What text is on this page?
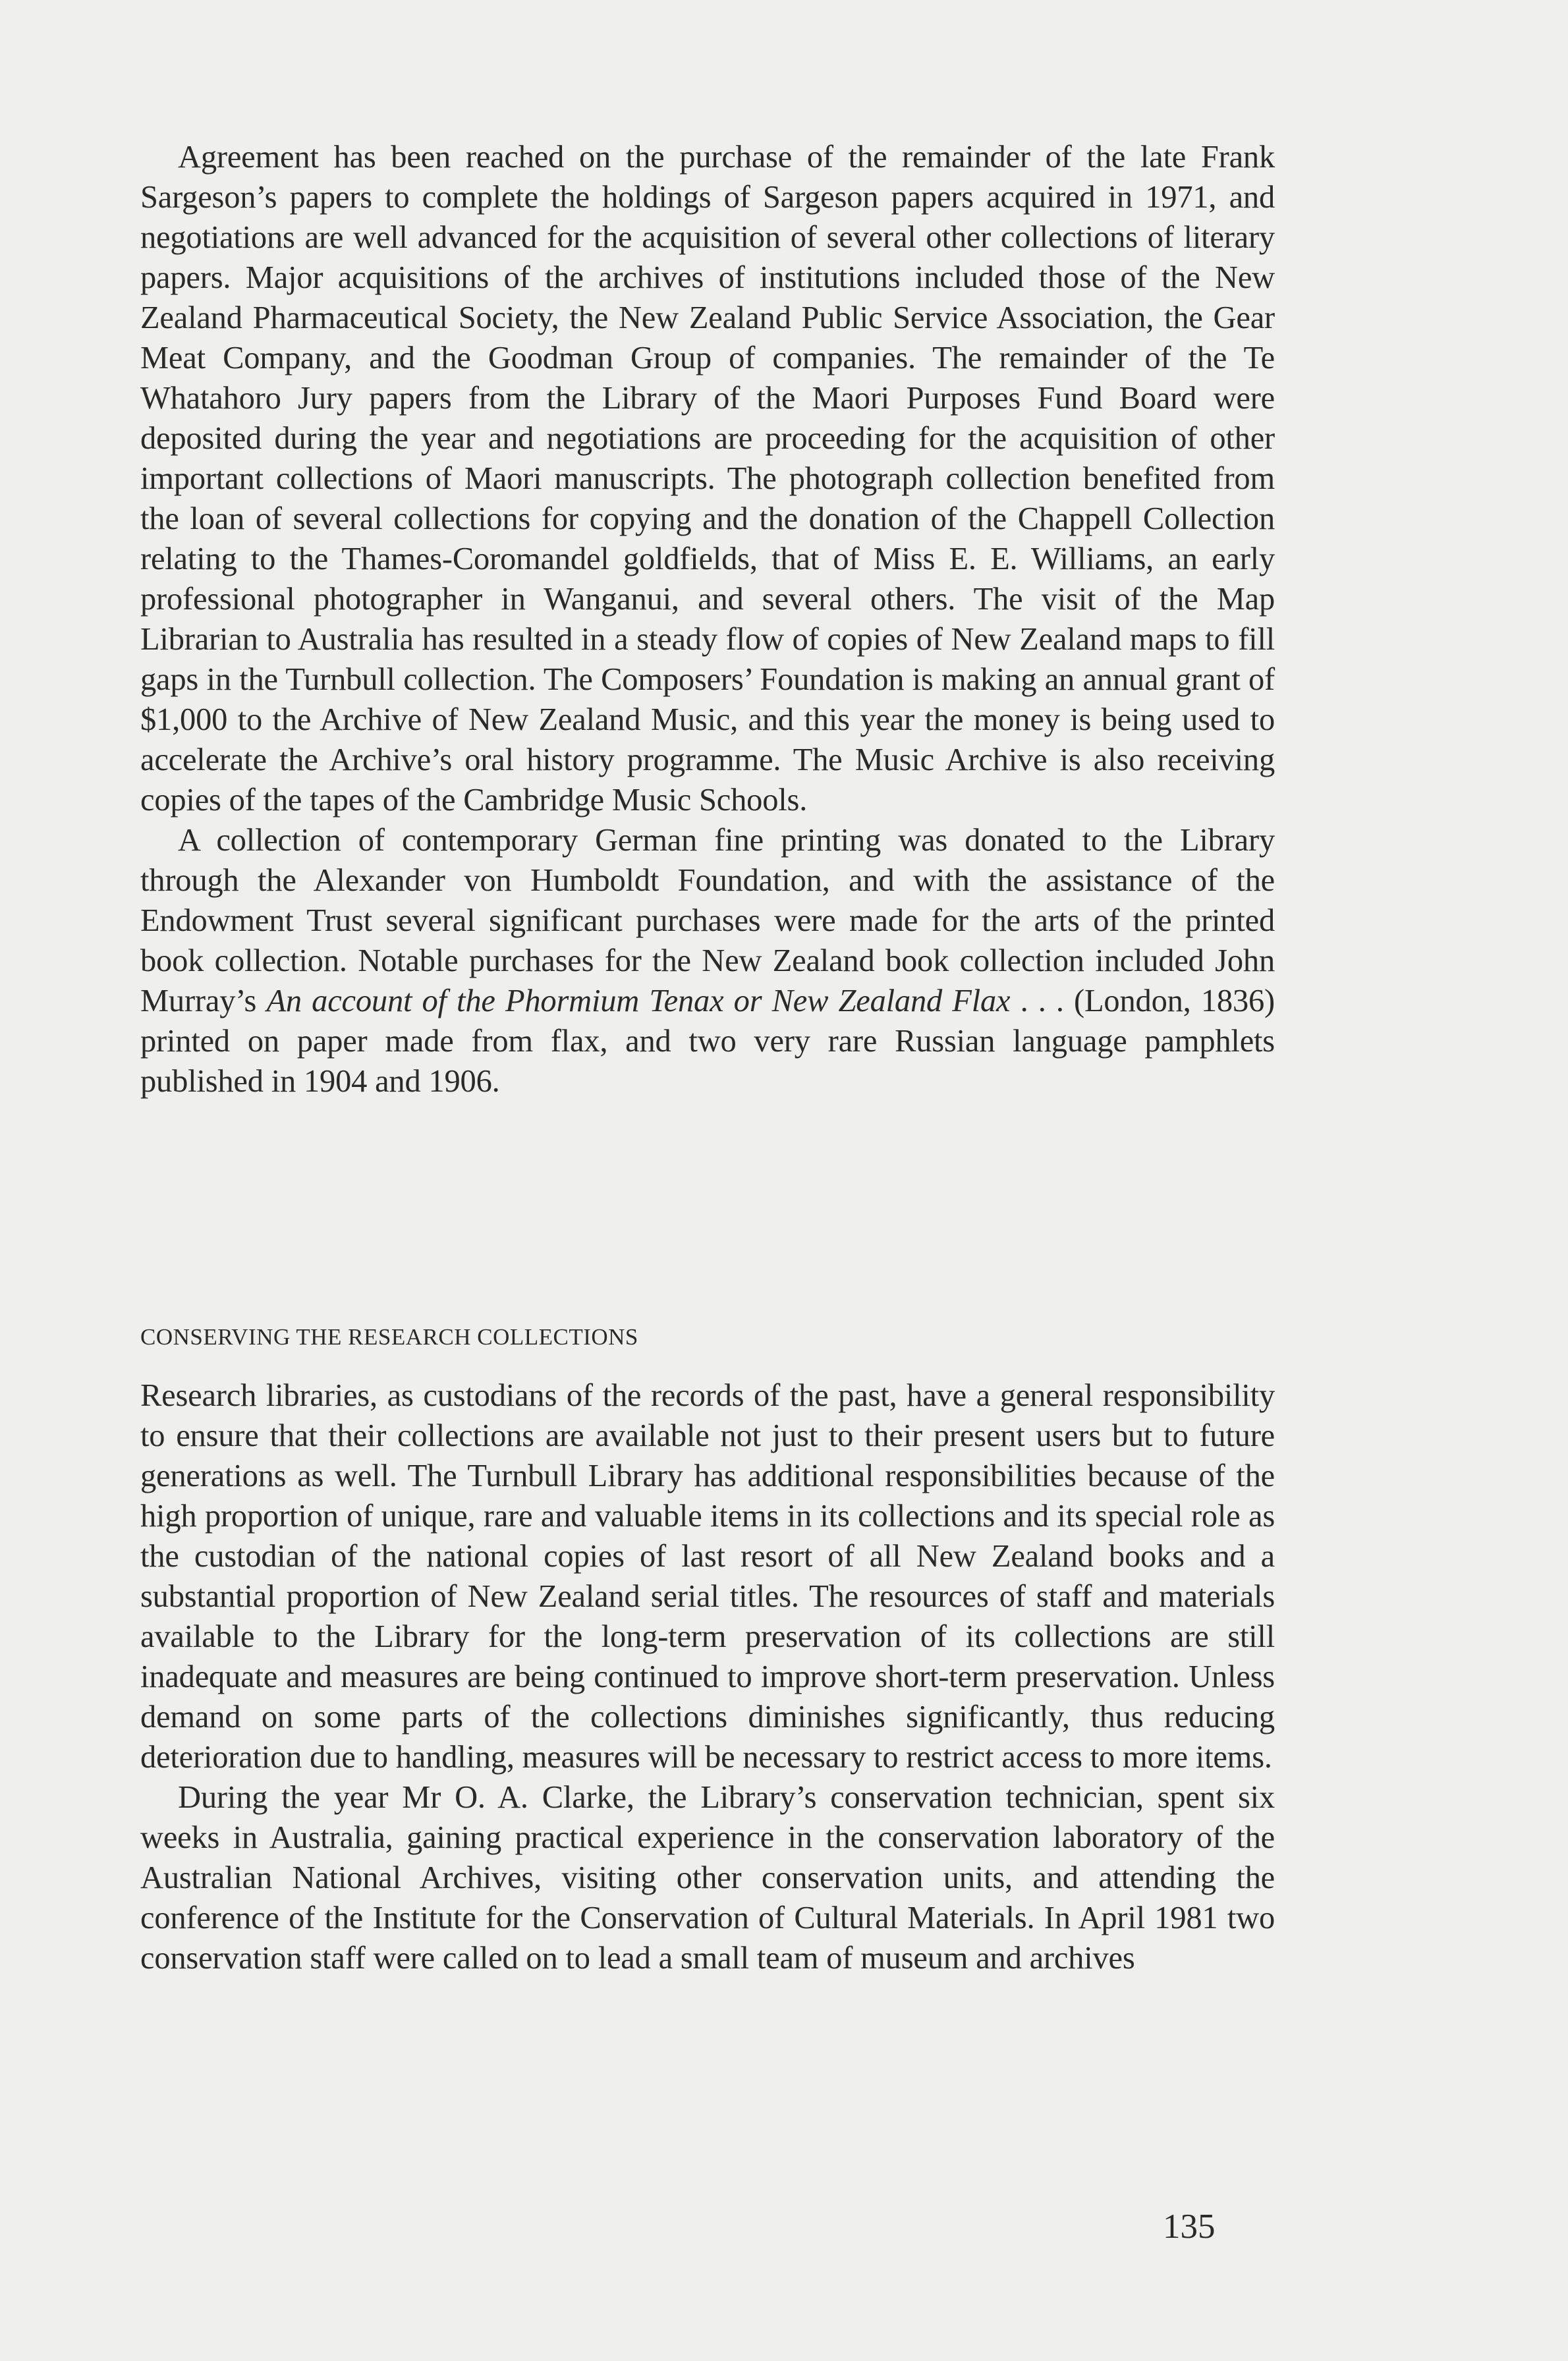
Agreement has been reached on the purchase of the remainder of the late Frank Sargeson’s papers to complete the holdings of Sargeson papers acquired in 1971, and negotiations are well advanced for the acquisition of several other collections of literary papers. Major acquisitions of the archives of institutions included those of the New Zealand Pharmaceutical Society, the New Zealand Public Service Association, the Gear Meat Company, and the Goodman Group of companies. The remainder of the Te Whatahoro Jury papers from the Library of the Maori Purposes Fund Board were deposited during the year and negotiations are proceeding for the acquisition of other important collections of Maori manuscripts. The photograph collection benefited from the loan of several collections for copying and the donation of the Chappell Collection relating to the Thames-Coromandel goldfields, that of Miss E. E. Williams, an early professional photographer in Wanganui, and several others. The visit of the Map Librarian to Australia has resulted in a steady flow of copies of New Zealand maps to fill gaps in the Turnbull collection. The Composers’ Foundation is making an annual grant of $1,000 to the Archive of New Zealand Music, and this year the money is being used to accelerate the Archive’s oral history programme. The Music Archive is also receiving copies of the tapes of the Cambridge Music Schools.

A collection of contemporary German fine printing was donated to the Library through the Alexander von Humboldt Foundation, and with the assistance of the Endowment Trust several significant purchases were made for the arts of the printed book collection. Notable purchases for the New Zealand book collection included John Murray’s An account of the Phormium Tenax or New Zealand Flax . . . (London, 1836) printed on paper made from flax, and two very rare Russian language pamphlets published in 1904 and 1906.

CONSERVING THE RESEARCH COLLECTIONS

Research libraries, as custodians of the records of the past, have a general responsibility to ensure that their collections are available not just to their present users but to future generations as well. The Turnbull Library has additional responsibilities because of the high proportion of unique, rare and valuable items in its collections and its special role as the custodian of the national copies of last resort of all New Zealand books and a substantial proportion of New Zealand serial titles. The resources of staff and materials available to the Library for the long-term preservation of its collections are still inadequate and measures are being continued to improve short-term preservation. Unless demand on some parts of the collections diminishes significantly, thus reducing deterioration due to handling, measures will be necessary to restrict access to more items.

During the year Mr O. A. Clarke, the Library’s conservation technician, spent six weeks in Australia, gaining practical experience in the conservation laboratory of the Australian National Archives, visiting other conservation units, and attending the conference of the Institute for the Conservation of Cultural Materials. In April 1981 two conservation staff were called on to lead a small team of museum and archives

135
